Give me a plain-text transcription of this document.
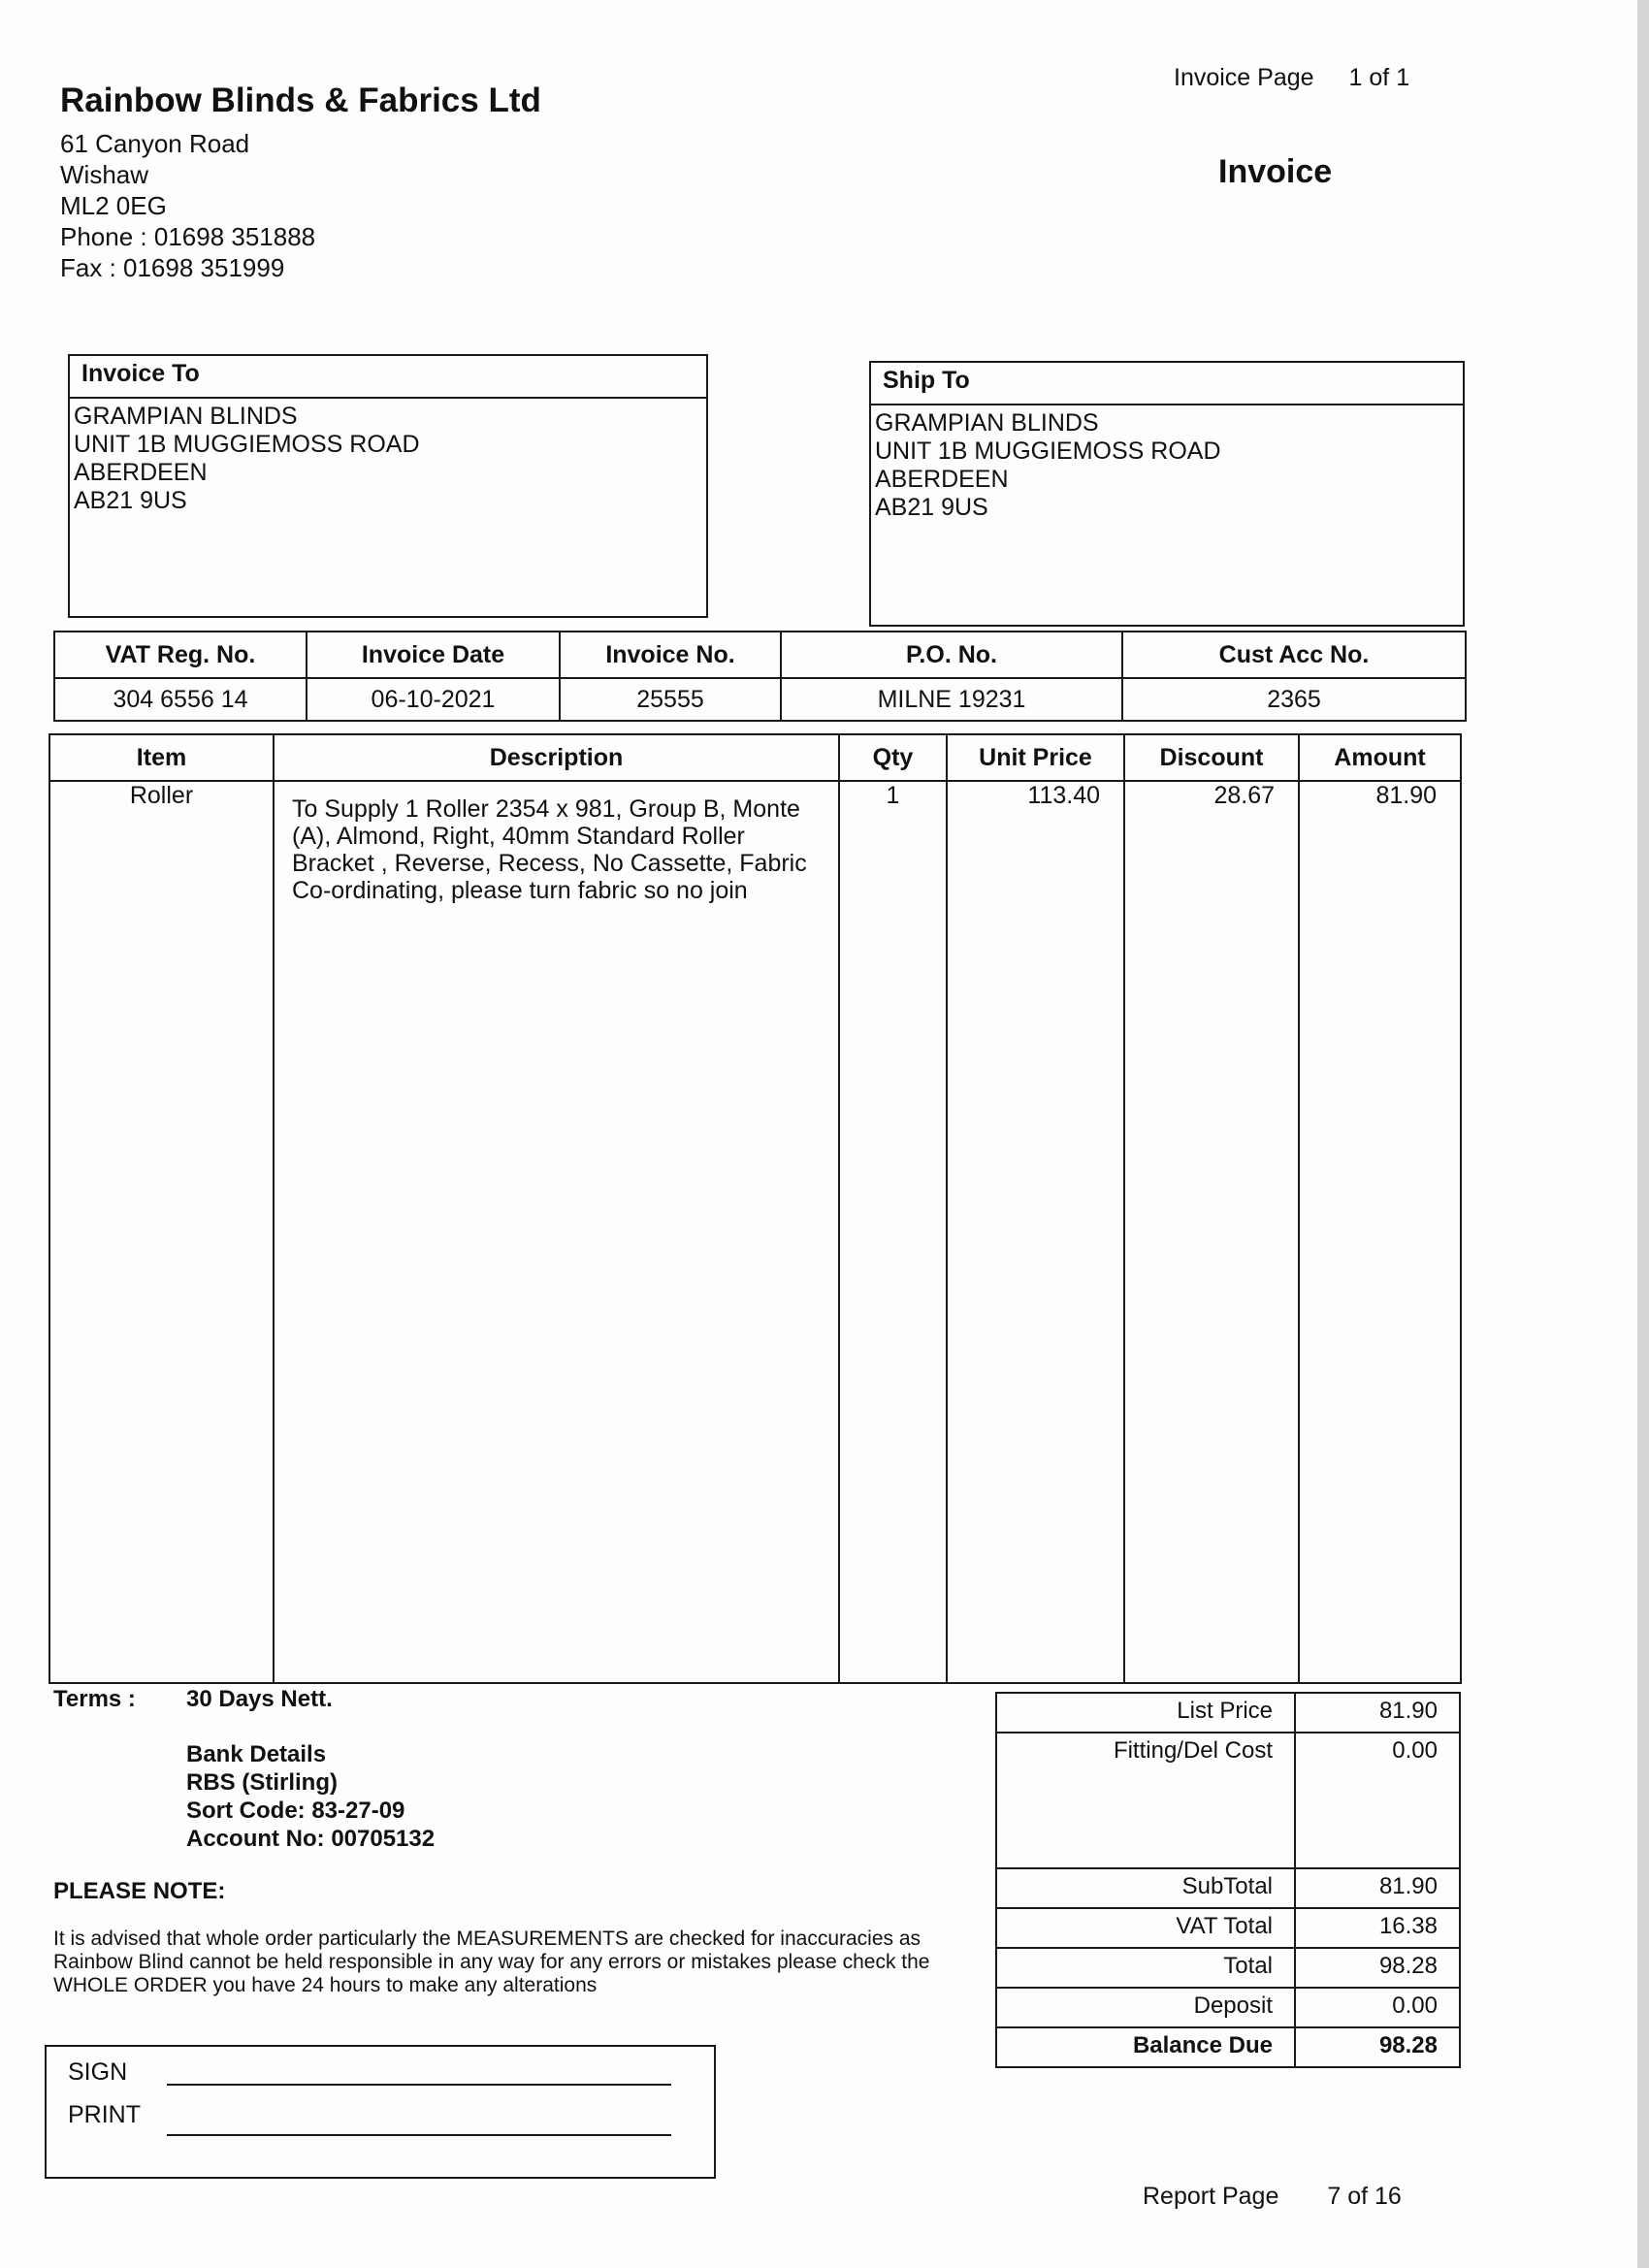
Rainbow Blinds & Fabrics Ltd
61 Canyon Road
Wishaw
ML2 0EG
Phone : 01698 351888
Fax : 01698 351999
Invoice Page 1 of 1
Invoice
Invoice To
GRAMPIAN BLINDS
UNIT 1B MUGGIEMOSS ROAD
ABERDEEN
AB21 9US
Ship To
GRAMPIAN BLINDS
UNIT 1B MUGGIEMOSS ROAD
ABERDEEN
AB21 9US
VAT Reg. No.	Invoice Date	Invoice No.	P.O. No.	Cust Acc No.
304 6556 14	06-10-2021	25555	MILNE 19231	2365
Item	Description	Qty	Unit Price	Discount	Amount
Roller	To Supply 1 Roller 2354 x 981, Group B, Monte (A), Almond, Right, 40mm Standard Roller Bracket , Reverse, Recess, No Cassette, Fabric Co-ordinating, please turn fabric so no join	1	113.40	28.67	81.90
Terms : 30 Days Nett.
Bank Details
RBS (Stirling)
Sort Code: 83-27-09
Account No: 00705132
PLEASE NOTE:
It is advised that whole order particularly the MEASUREMENTS are checked for inaccuracies as Rainbow Blind cannot be held responsible in any way for any errors or mistakes please check the WHOLE ORDER you have 24 hours to make any alterations
SIGN
PRINT
List Price	81.90
Fitting/Del Cost	0.00
SubTotal	81.90
VAT Total	16.38
Total	98.28
Deposit	0.00
Balance Due	98.28
Report Page 7 of 16
